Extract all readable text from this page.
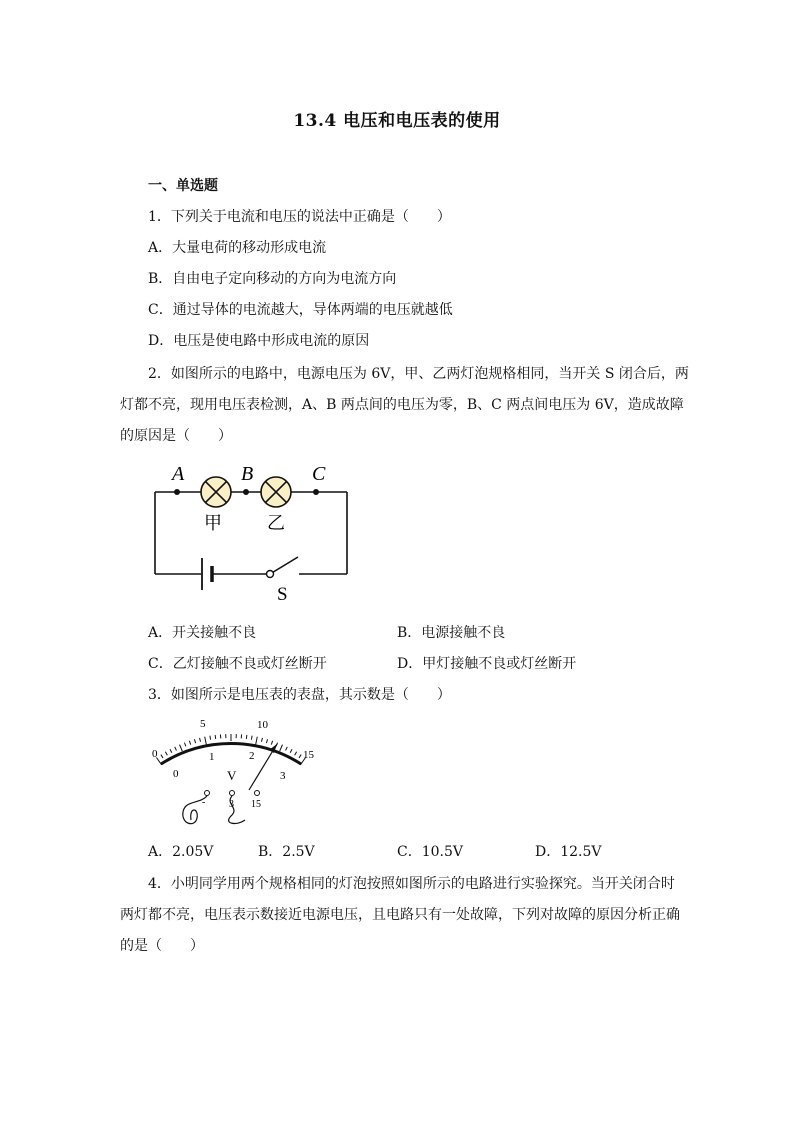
13.4 电压和电压表的使用
一、单选题
1．下列关于电流和电压的说法中正确是（　　）
A．大量电荷的移动形成电流
B．自由电子定向移动的方向为电流方向
C．通过导体的电流越大，导体两端的电压就越低
D．电压是使电路中形成电流的原因
2．如图所示的电路中，电源电压为 6V，甲、乙两灯泡规格相同，当开关 S 闭合后，两
灯都不亮，现用电压表检测，A、B 两点间的电压为零，B、C 两点间电压为 6V，造成故障
的原因是（　　）
A	B	C
甲	乙
S
A．开关接触不良	B．电源接触不良
C．乙灯接触不良或灯丝断开	D．甲灯接触不良或灯丝断开
3．如图所示是电压表的表盘，其示数是（　　）
0
5	10
15
0
1	2
3
V
- 3 15
A．2.05V	B．2.5V	C．10.5V	D．12.5V
4．小明同学用两个规格相同的灯泡按照如图所示的电路进行实验探究。当开关闭合时
两灯都不亮，电压表示数接近电源电压，且电路只有一处故障，下列对故障的原因分析正确
的是（　　）
